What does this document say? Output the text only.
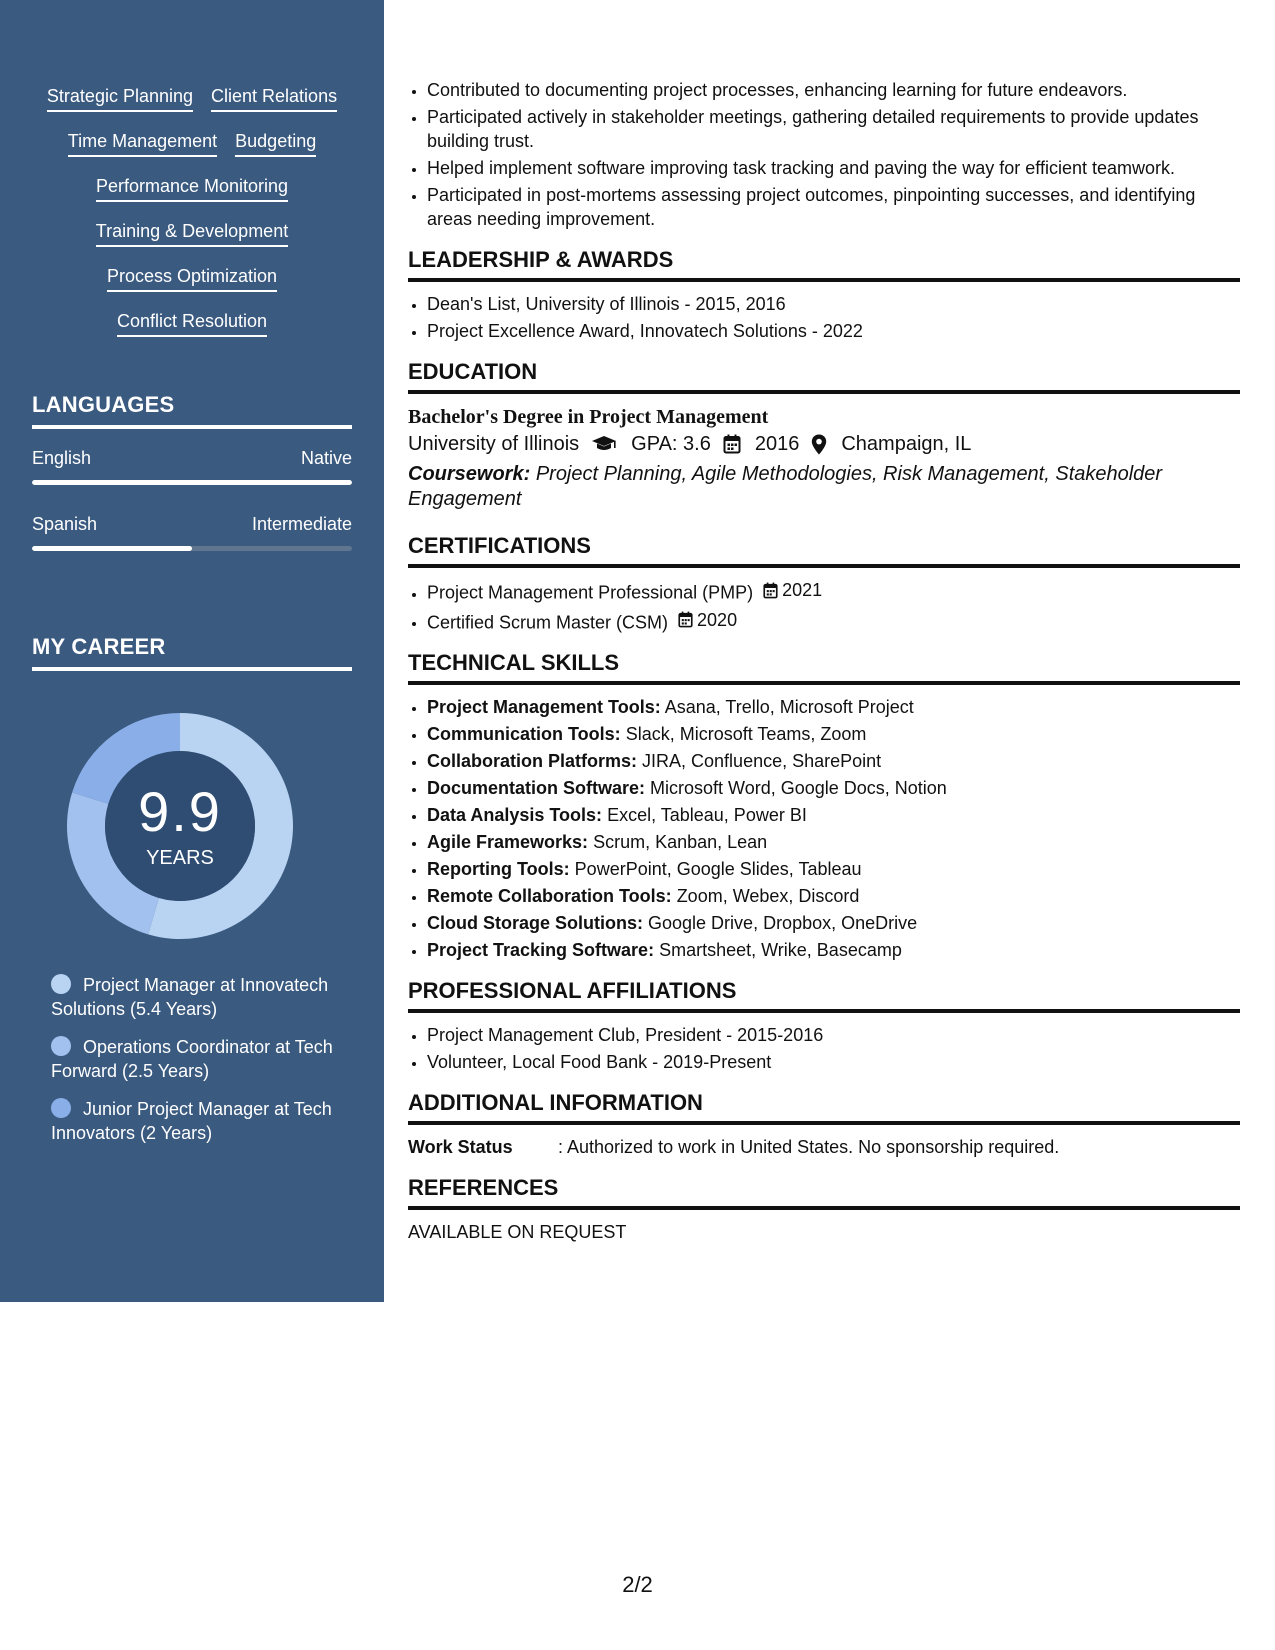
Strategic Planning Client Relations
Time Management Budgeting
Performance Monitoring
Training & Development
Process Optimization
Conflict Resolution
LANGUAGES
English	Native
Spanish	Intermediate
MY CAREER
9.9
YEARS
Project Manager at Innovatech Solutions (5.4 Years)
Operations Coordinator at Tech Forward (2.5 Years)
Junior Project Manager at Tech Innovators (2 Years)
• Contributed to documenting project processes, enhancing learning for future endeavors.
• Participated actively in stakeholder meetings, gathering detailed requirements to provide updates building trust.
• Helped implement software improving task tracking and paving the way for efficient teamwork.
• Participated in post-mortems assessing project outcomes, pinpointing successes, and identifying areas needing improvement.
LEADERSHIP & AWARDS
• Dean's List, University of Illinois - 2015, 2016
• Project Excellence Award, Innovatech Solutions - 2022
EDUCATION
Bachelor's Degree in Project Management
University of Illinois	GPA: 3.6 2016 Champaign, IL
Coursework: Project Planning, Agile Methodologies, Risk Management, Stakeholder Engagement
CERTIFICATIONS
• Project Management Professional (PMP) 2021
• Certified Scrum Master (CSM) 2020
TECHNICAL SKILLS
• Project Management Tools: Asana, Trello, Microsoft Project
• Communication Tools: Slack, Microsoft Teams, Zoom
• Collaboration Platforms: JIRA, Confluence, SharePoint
• Documentation Software: Microsoft Word, Google Docs, Notion
• Data Analysis Tools: Excel, Tableau, Power BI
• Agile Frameworks: Scrum, Kanban, Lean
• Reporting Tools: PowerPoint, Google Slides, Tableau
• Remote Collaboration Tools: Zoom, Webex, Discord
• Cloud Storage Solutions: Google Drive, Dropbox, OneDrive
• Project Tracking Software: Smartsheet, Wrike, Basecamp
PROFESSIONAL AFFILIATIONS
• Project Management Club, President - 2015-2016
• Volunteer, Local Food Bank - 2019-Present
ADDITIONAL INFORMATION
Work Status	: Authorized to work in United States. No sponsorship required.
REFERENCES
AVAILABLE ON REQUEST
2/2
